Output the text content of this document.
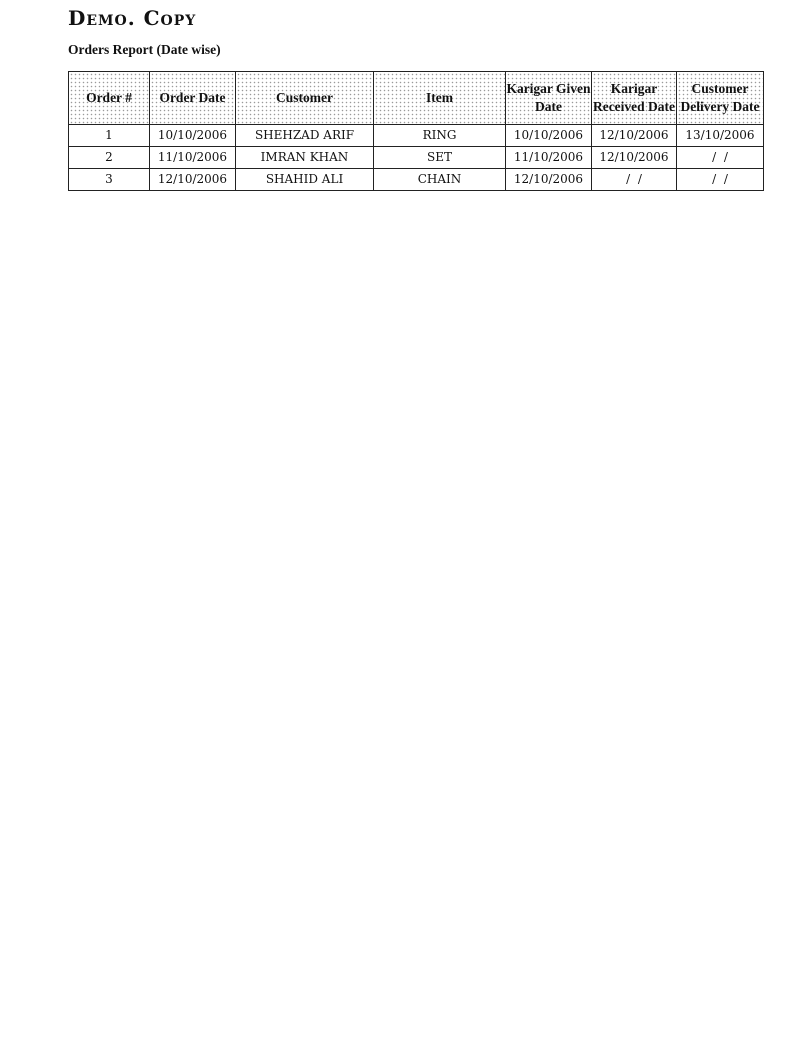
Demo. Copy
Orders Report (Date wise)
Order #	Order Date	Customer	Item	Karigar Given Date	Karigar Received Date	Customer Delivery Date
1	10/10/2006	SHEHZAD ARIF	RING	10/10/2006	12/10/2006	13/10/2006
2	11/10/2006	IMRAN KHAN	SET	11/10/2006	12/10/2006	/  /
3	12/10/2006	SHAHID ALI	CHAIN	12/10/2006	/  /	/  /
